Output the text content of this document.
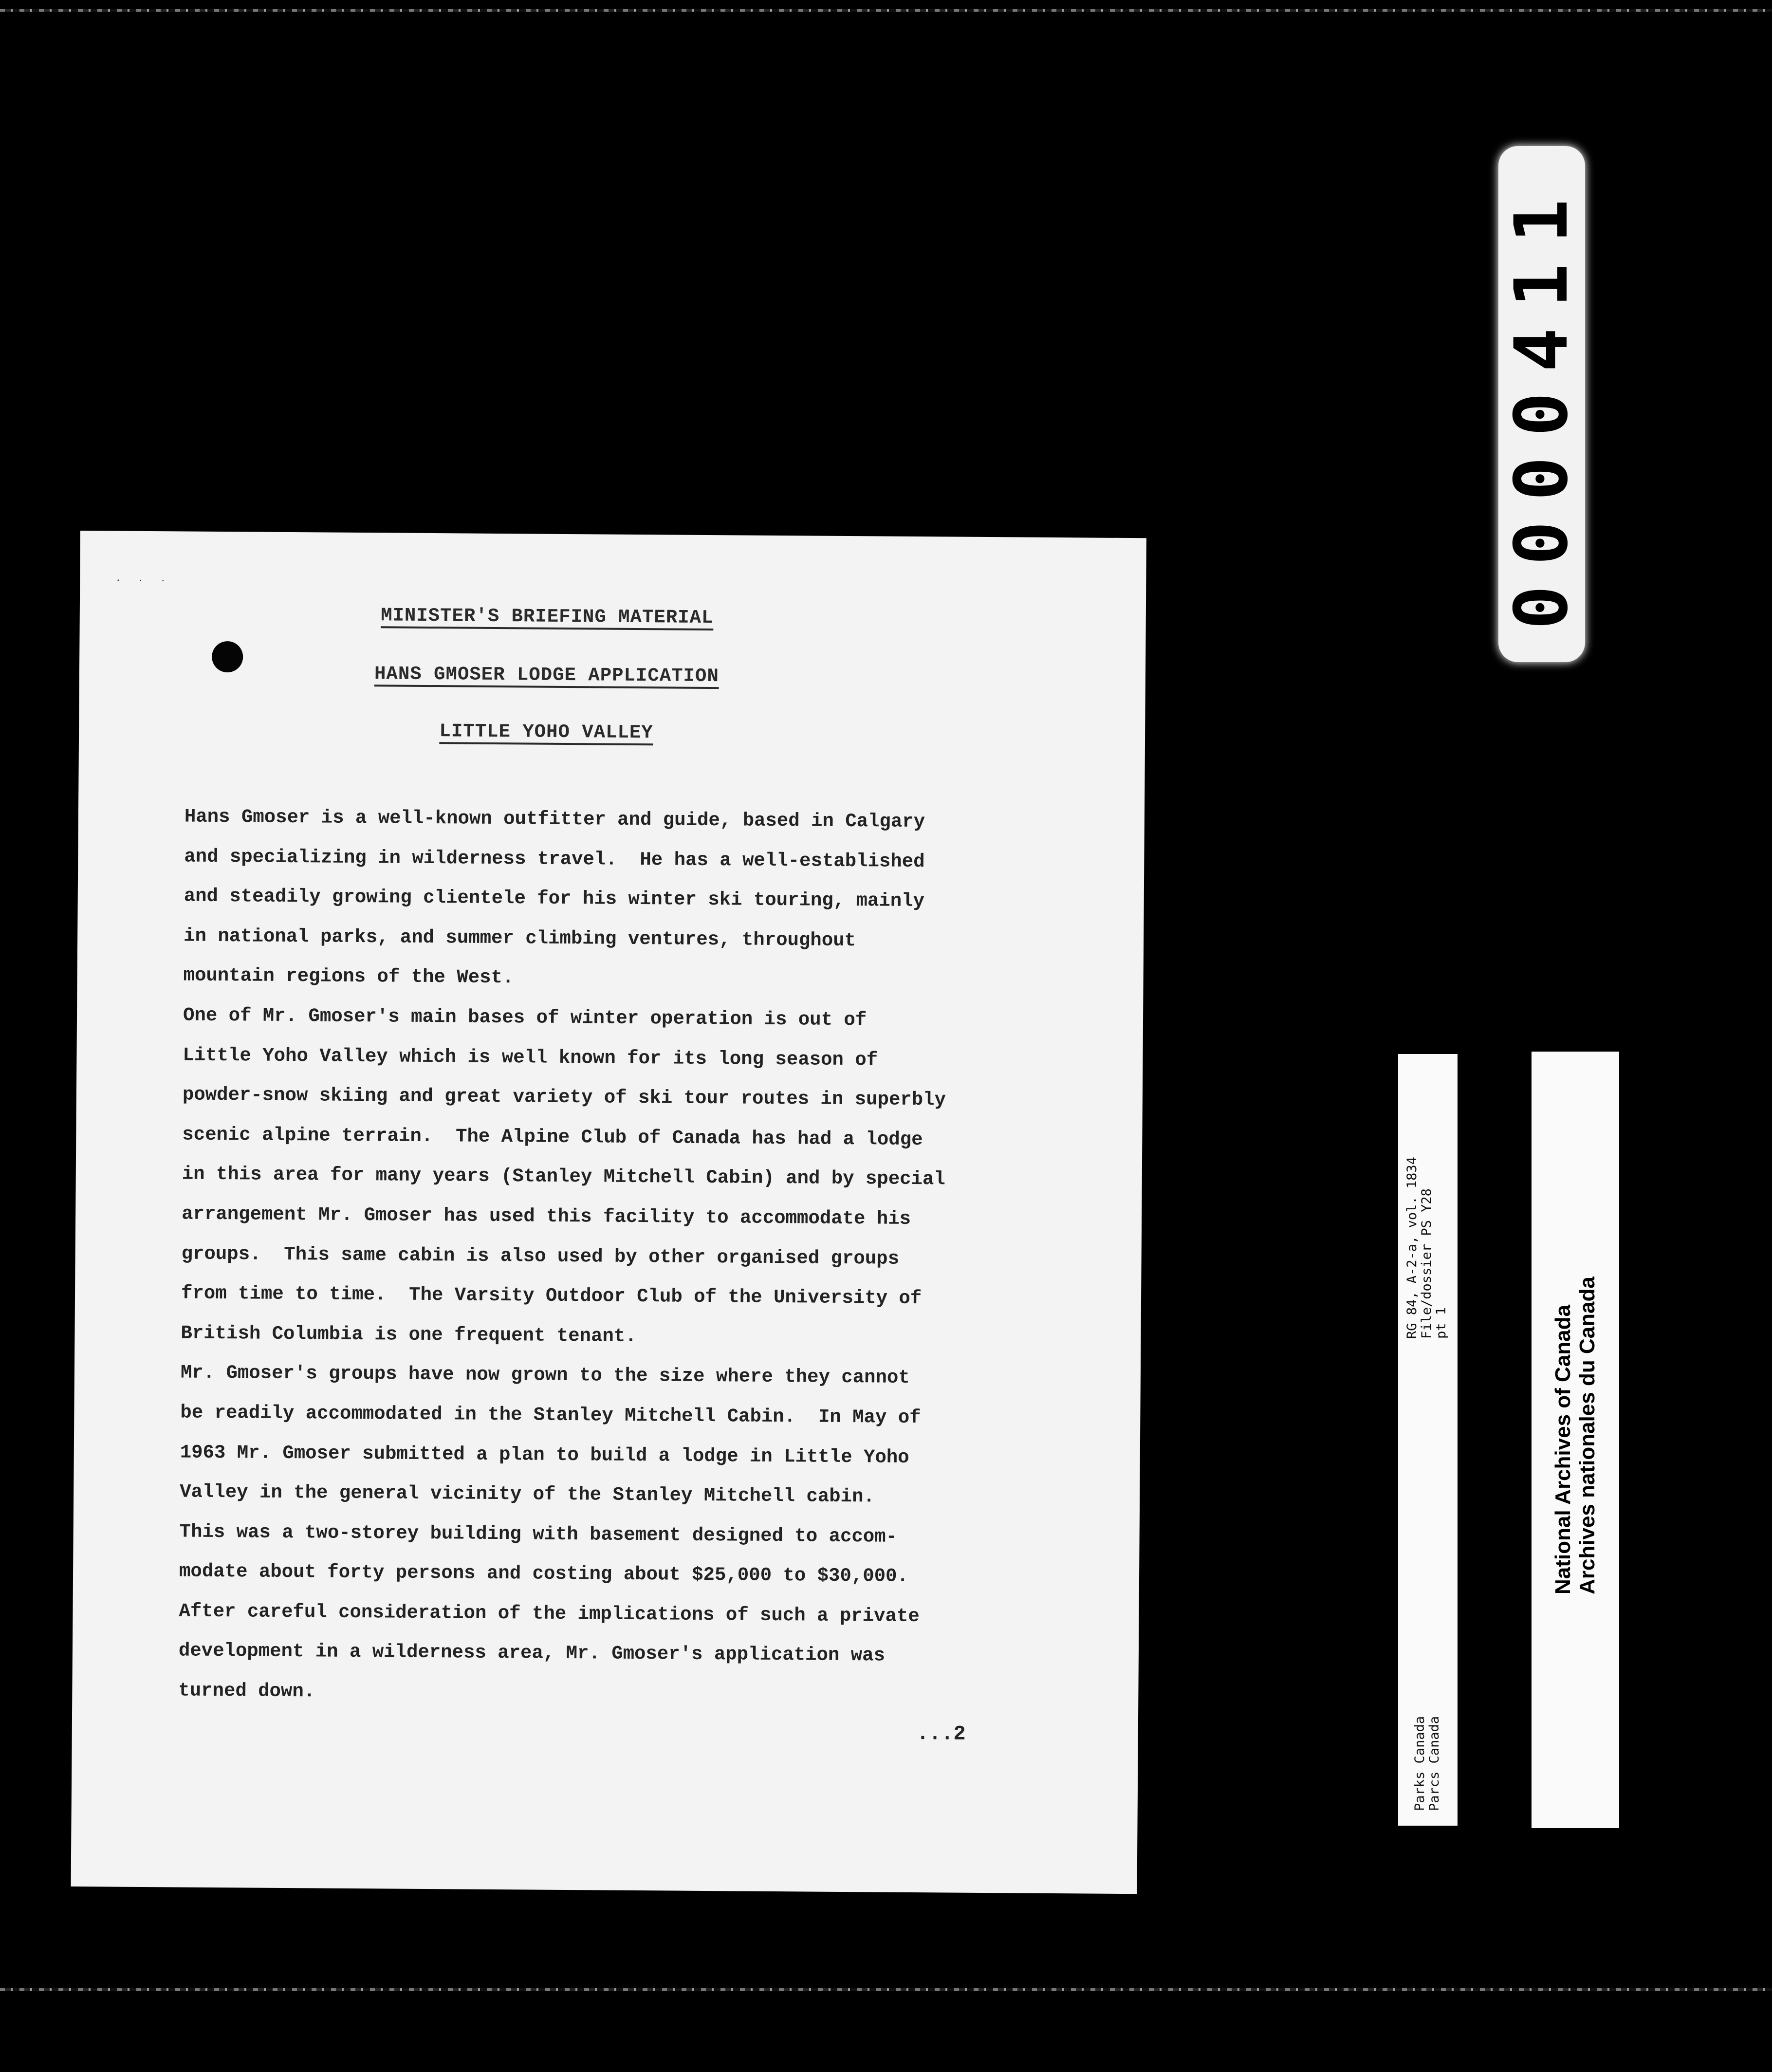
0000411
· · ·
MINISTER'S BRIEFING MATERIAL
HANS GMOSER LODGE APPLICATION
LITTLE YOHO VALLEY
Hans Gmoser is a well-known outfitter and guide, based in Calgary
and specializing in wilderness travel.  He has a well-established
and steadily growing clientele for his winter ski touring, mainly
in national parks, and summer climbing ventures, throughout
mountain regions of the West.
One of Mr. Gmoser's main bases of winter operation is out of
Little Yoho Valley which is well known for its long season of
powder-snow skiing and great variety of ski tour routes in superbly
scenic alpine terrain.  The Alpine Club of Canada has had a lodge
in this area for many years (Stanley Mitchell Cabin) and by special
arrangement Mr. Gmoser has used this facility to accommodate his
groups.  This same cabin is also used by other organised groups
from time to time.  The Varsity Outdoor Club of the University of
British Columbia is one frequent tenant.
Mr. Gmoser's groups have now grown to the size where they cannot
be readily accommodated in the Stanley Mitchell Cabin.  In May of
1963 Mr. Gmoser submitted a plan to build a lodge in Little Yoho
Valley in the general vicinity of the Stanley Mitchell cabin.
This was a two-storey building with basement designed to accom-
modate about forty persons and costing about $25,000 to $30,000.
After careful consideration of the implications of such a private
development in a wilderness area, Mr. Gmoser's application was
turned down.
...2	Parks Canada Parcs Canada
RG 84, A-2-a, vol. 1834 File/dossier PS Y28 pt 1	National Archives of Canada Archives nationales du Canada
